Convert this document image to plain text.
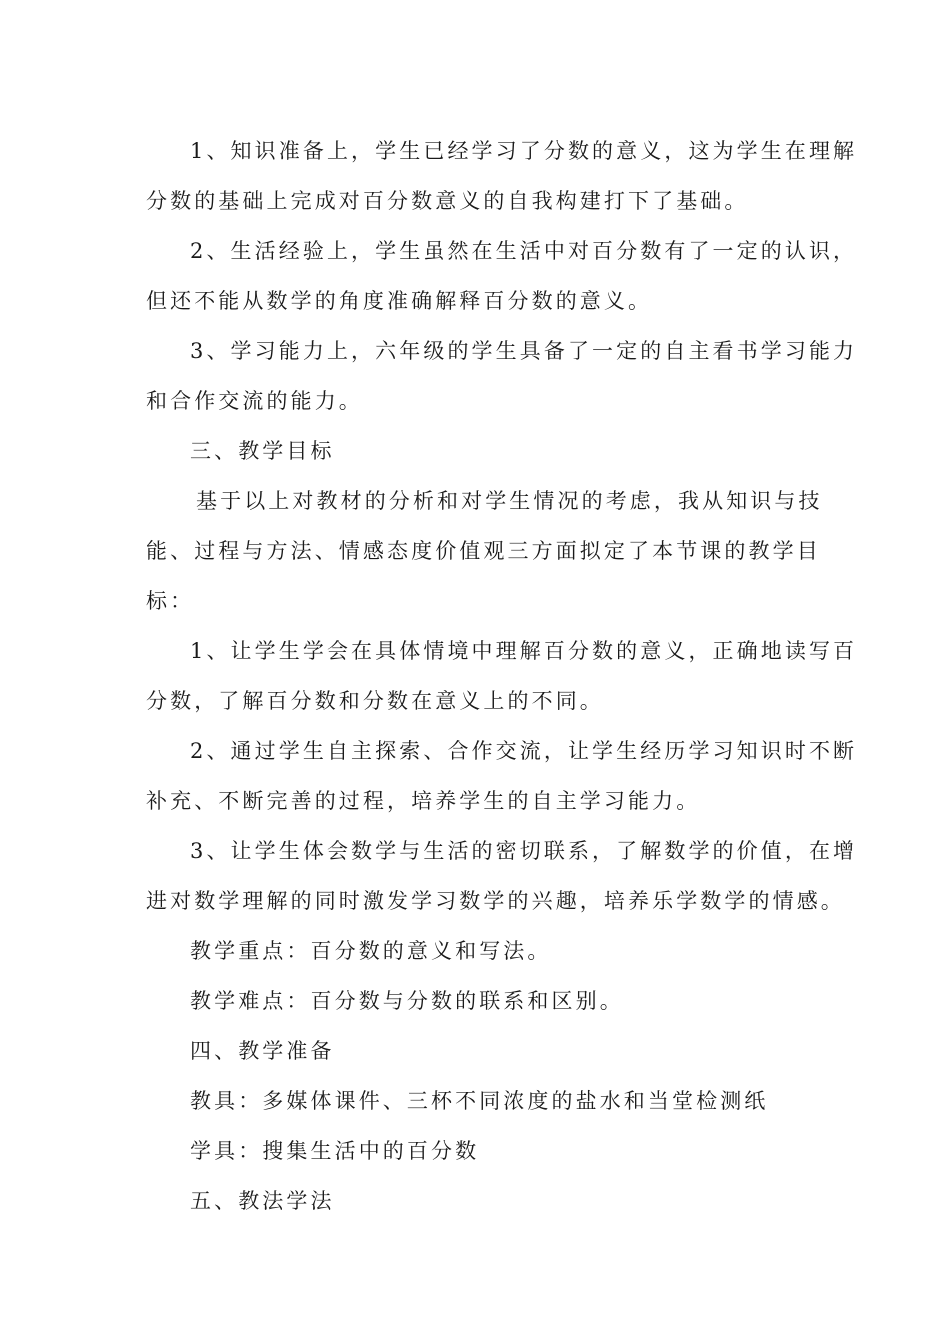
1、知识准备上，学生已经学习了分数的意义，这为学生在理解
分数的基础上完成对百分数意义的自我构建打下了基础。
2、生活经验上，学生虽然在生活中对百分数有了一定的认识，
但还不能从数学的角度准确解释百分数的意义。
3、学习能力上，六年级的学生具备了一定的自主看书学习能力
和合作交流的能力。
三、教学目标
基于以上对教材的分析和对学生情况的考虑，我从知识与技
能、过程与方法、情感态度价值观三方面拟定了本节课的教学目
标：
1、让学生学会在具体情境中理解百分数的意义，正确地读写百
分数，了解百分数和分数在意义上的不同。
2、通过学生自主探索、合作交流，让学生经历学习知识时不断
补充、不断完善的过程，培养学生的自主学习能力。
3、让学生体会数学与生活的密切联系，了解数学的价值，在增
进对数学理解的同时激发学习数学的兴趣，培养乐学数学的情感。
教学重点：百分数的意义和写法。
教学难点：百分数与分数的联系和区别。
四、教学准备
教具：多媒体课件、三杯不同浓度的盐水和当堂检测纸
学具：搜集生活中的百分数
五、教法学法
